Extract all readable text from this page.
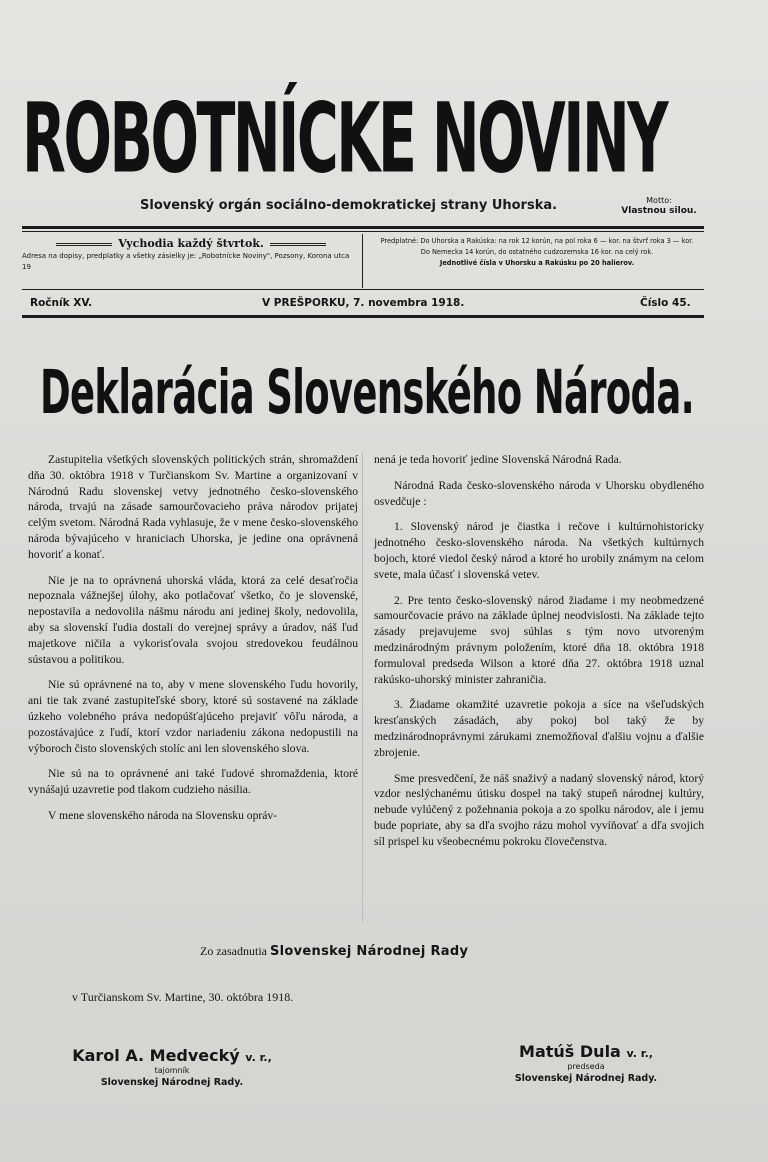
ROBOTNÍCKE NOVINY
Slovenský orgán sociálno-demokratickej strany Uhorska.	Motto:
Vlastnou silou.
Vychodia každý štvrtok.
Adresa na dopisy, predplatky a všetky zásielky je: „Robotnícke Noviny", Pozsony, Korona utca 19
Predplatné: Do Uhorska a Rakúska: na rok 12 korún, na pol roka 6 — kor. na štvrť roka 3 — kor.
Do Nemecka 14 korún, do ostatného cudzozemska 16 kor. na celý rok.
Jednotlivé čísla v Uhorsku a Rakúsku po 20 halierov.
Ročník XV.	V PREŠPORKU, 7. novembra 1918.	Číslo 45.
Deklarácia Slovenského Národa.

Zastupitelia všetkých slovenských politických strán, shromaždení dňa 30. októbra 1918 v Turčianskom Sv. Martine a organizovaní v Národnú Radu slovenskej vetvy jednotného česko-slovenského národa, trvajú na zásade samourčovacieho práva národov prijatej celým svetom. Národná Rada vyhlasuje, že v mene česko-slovenského národa bývajúceho v hraniciach Uhorska, je jedine ona oprávnená hovoriť a konať.

Nie je na to oprávnená uhorská vláda, ktorá za celé desaťročia nepoznala vážnejšej úlohy, ako potlačovať všetko, čo je slovenské, nepostavila a nedovolila nášmu národu ani jedinej školy, nedovolila, aby sa slovenskí ľudia dostali do verejnej správy a úradov, náš ľud majetkove ničila a vykorisťovala svojou stredovekou feudálnou sústavou a politikou.

Nie sú oprávnené na to, aby v mene slovenského ľudu hovorily, ani tie tak zvané zastupiteľské sbory, ktoré sú sostavené na základe úzkeho volebného práva nedopúšťajúceho prejaviť vôľu národa, a pozostávajúce z ľudí, ktorí vzdor nariadeniu zákona nedopustili na výboroch čisto slovenských stolíc ani len slovenského slova.

Nie sú na to oprávnené ani také ľudové shromaždenia, ktoré vynášajú uzavretie pod tlakom cudzieho násilia.

V mene slovenského národa na Slovensku opráv-

nená je teda hovoriť jedine Slovenská Národná Rada.

Národná Rada česko-slovenského národa v Uhorsku obydleného osvedčuje :

1. Slovenský národ je čiastka i rečove i kultúrnohistoricky jednotného česko-slovenského národa. Na všetkých kultúrnych bojoch, ktoré viedol český národ a ktoré ho urobily známym na celom svete, mala účasť i slovenská vetev.

2. Pre tento česko-slovenský národ žiadame i my neobmedzené samourčovacie právo na základe úplnej neodvislosti. Na základe tejto zásady prejavujeme svoj súhlas s tým novo utvoreným medzinárodným právnym položením, ktoré dňa 18. októbra 1918 formuloval predseda Wilson a ktoré dňa 27. októbra 1918 uznal rakúsko-uhorský minister zahraničia.

3. Žiadame okamžité uzavretie pokoja a síce na všeľudských kresťanských zásadách, aby pokoj bol taký že by medzinárodnoprávnymi zárukami znemožňoval ďalšiu vojnu a ďalšie zbrojenie.

Sme presvedčení, že náš snaživý a nadaný slovenský národ, ktorý vzdor neslýchanému útisku dospel na taký stupeň národnej kultúry, nebude vylúčený z požehnania pokoja a zo spolku národov, ale i jemu bude popriate, aby sa dľa svojho rázu mohol vyvíňovať a dľa svojich síl prispel ku všeobecnému pokroku človečenstva.

Zo zasadnutia Slovenskej Národnej Rady
v Turčianskom Sv. Martine, 30. októbra 1918.
Karol A. Medvecký v. r.,
tajomník
Slovenskej Národnej Rady.
Matúš Dula v. r.,
predseda
Slovenskej Národnej Rady.
